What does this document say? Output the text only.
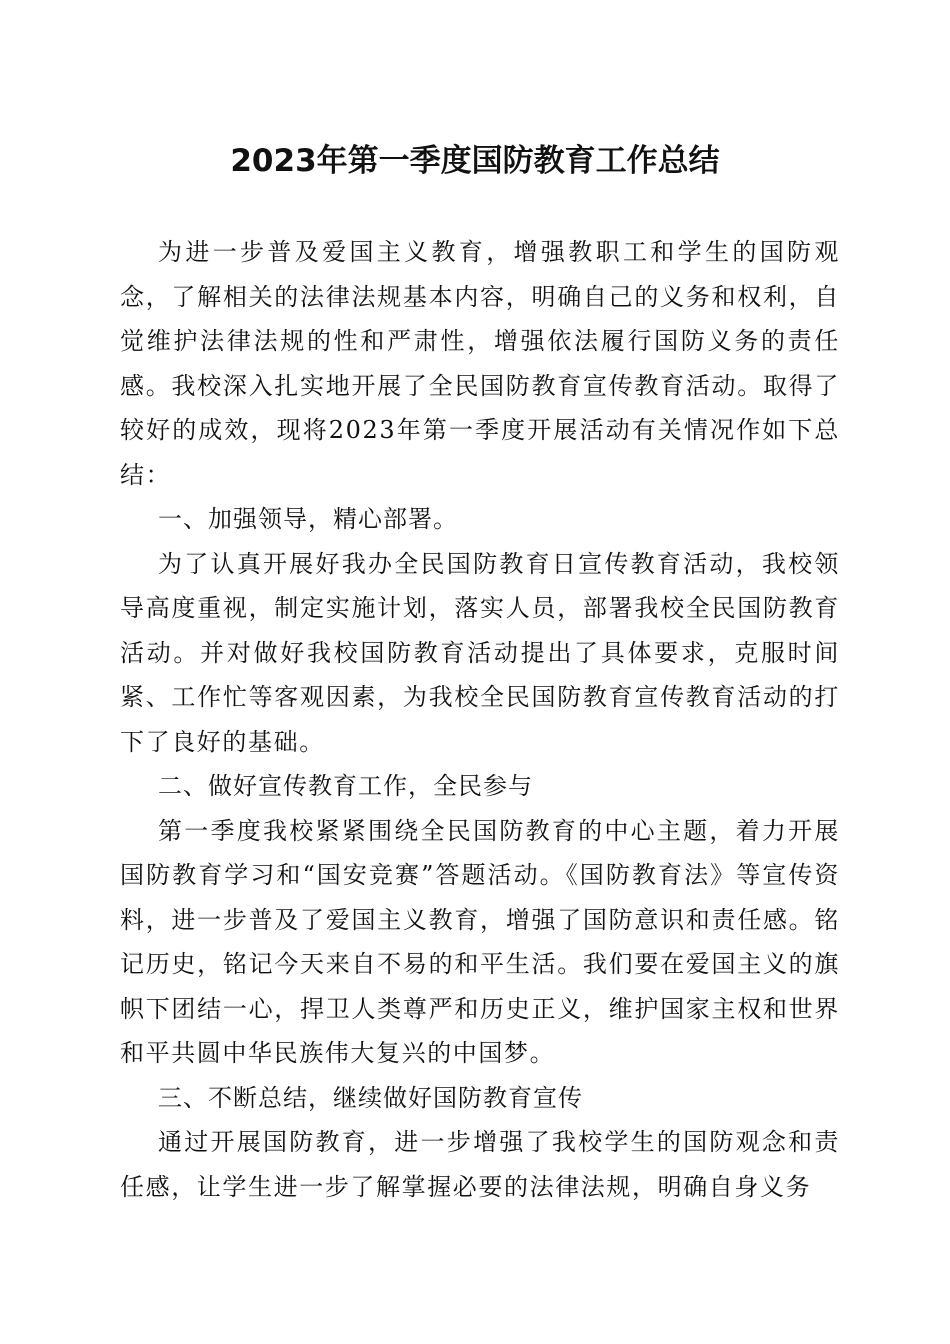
2023年第一季度国防教育工作总结

为进一步普及爱国主义教育，增强教职工和学生的国防观念，了解相关的法律法规基本内容，明确自己的义务和权利，自觉维护法律法规的性和严肃性，增强依法履行国防义务的责任感。我校深入扎实地开展了全民国防教育宣传教育活动。取得了较好的成效，现将2023年第一季度开展活动有关情况作如下总结：

一、加强领导，精心部署。

为了认真开展好我办全民国防教育日宣传教育活动，我校领导高度重视，制定实施计划，落实人员，部署我校全民国防教育活动。并对做好我校国防教育活动提出了具体要求，克服时间紧、工作忙等客观因素，为我校全民国防教育宣传教育活动的打下了良好的基础。

二、做好宣传教育工作，全民参与

第一季度我校紧紧围绕全民国防教育的中心主题，着力开展国防教育学习和“国安竞赛”答题活动。《国防教育法》等宣传资料，进一步普及了爱国主义教育，增强了国防意识和责任感。铭记历史，铭记今天来自不易的和平生活。我们要在爱国主义的旗帜下团结一心，捍卫人类尊严和历史正义，维护国家主权和世界和平共圆中华民族伟大复兴的中国梦。

三、不断总结，继续做好国防教育宣传

通过开展国防教育，进一步增强了我校学生的国防观念和责任感，让学生进一步了解掌握必要的法律法规，明确自身义务
